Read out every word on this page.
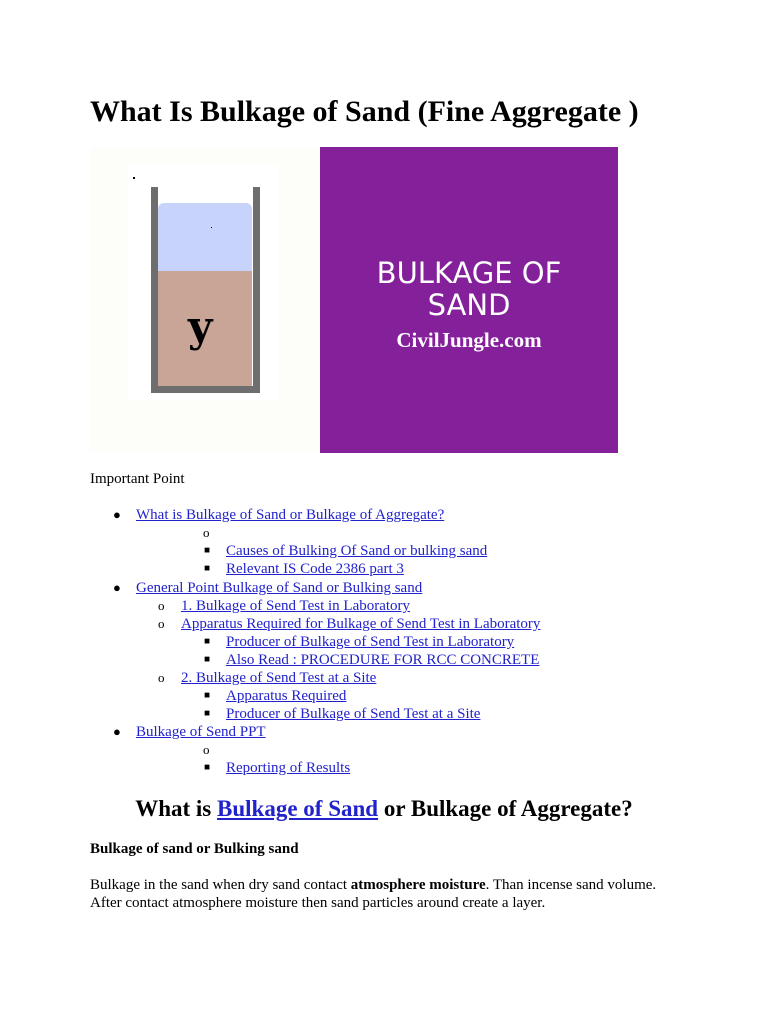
What Is Bulkage of Sand (Fine Aggregate )
y
BULKAGE OF
SAND
CivilJungle.com

Important Point

● What is Bulkage of Sand or Bulkage of Aggregate?
o
■ Causes of Bulking Of Sand or bulking sand
■ Relevant IS Code 2386 part 3
● General Point Bulkage of Sand or Bulking sand
o 1. Bulkage of Send Test in Laboratory
o Apparatus Required for Bulkage of Send Test in Laboratory
■ Producer of Bulkage of Send Test in Laboratory
■ Also Read : PROCEDURE FOR RCC CONCRETE
o 2. Bulkage of Send Test at a Site
■ Apparatus Required
■ Producer of Bulkage of Send Test at a Site
● Bulkage of Send PPT
o
■ Reporting of Results
What is Bulkage of Sand or Bulkage of Aggregate?

Bulkage of sand or Bulking sand

Bulkage in the sand when dry sand contact atmosphere moisture. Than incense sand volume. After contact atmosphere moisture then sand particles around create a layer.
